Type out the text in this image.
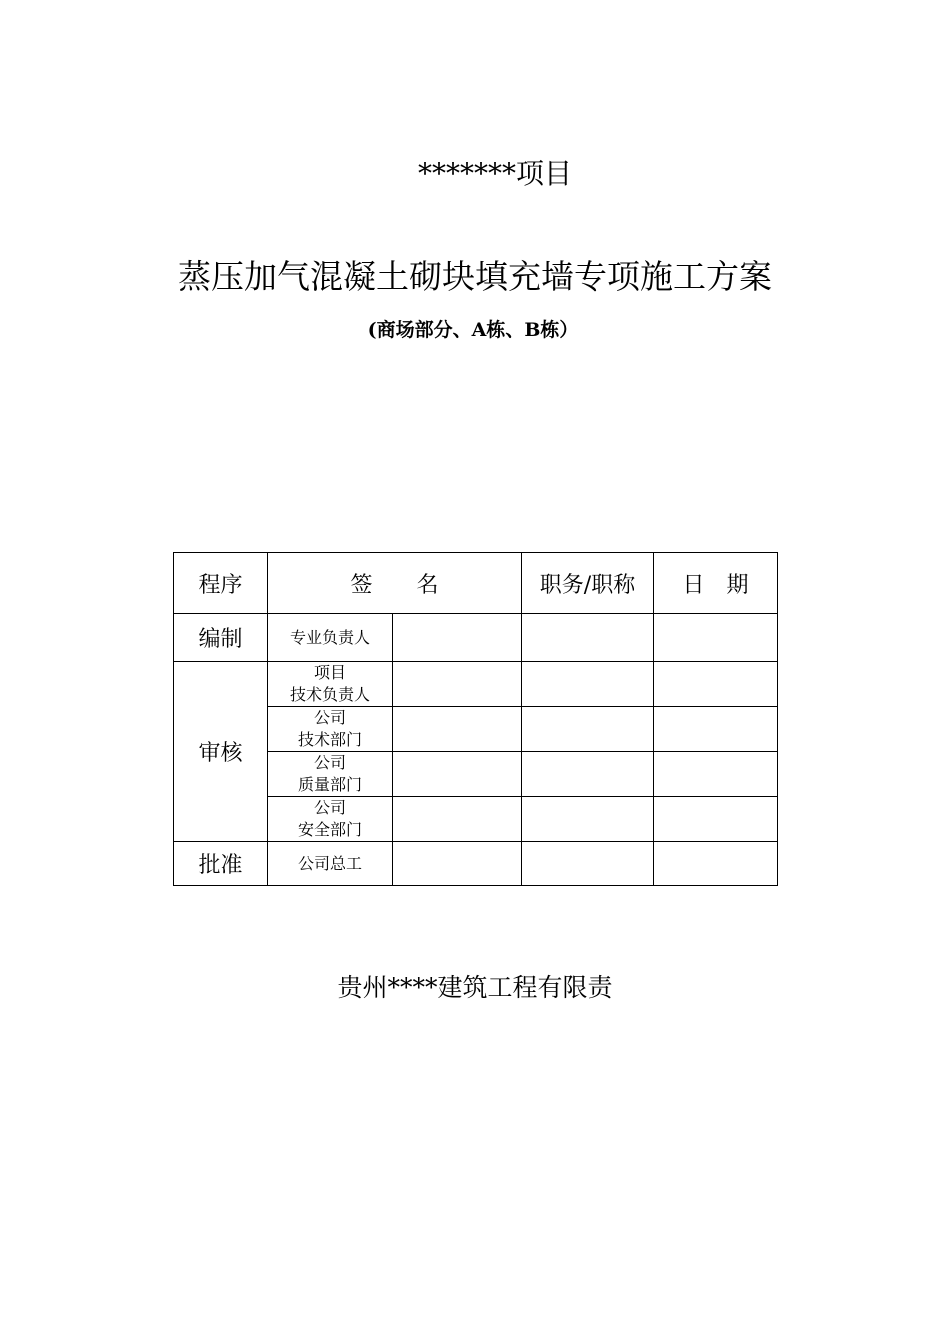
*******项目
蒸压加气混凝土砌块填充墙专项施工方案
(商场部分、A栋、B栋）
程序	签　　名		职务/职称	日　期
编制	专业负责人			
审核	项目
技术负责人			

	公司
技术部门			

	公司
质量部门			

	公司
安全部门			

批准	公司总工			
贵州****建筑工程有限责
